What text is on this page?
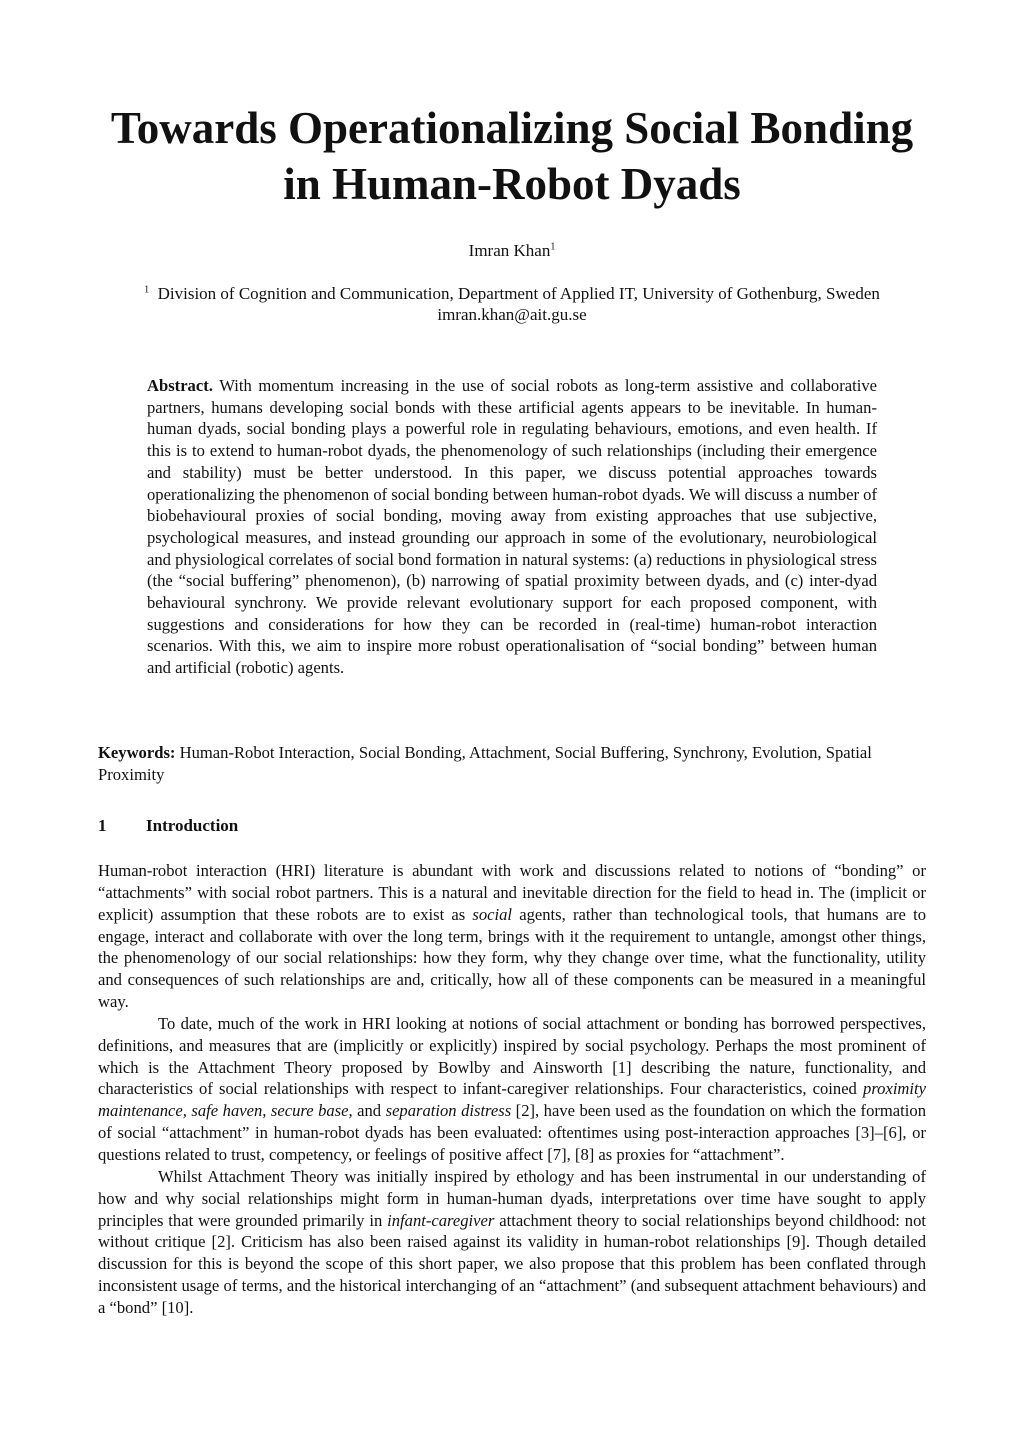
Towards Operationalizing Social Bonding
in Human-Robot Dyads
Imran Khan$^1$
$^1$ Division of Cognition and Communication, Department of Applied IT, University of Gothenburg, Sweden
imran.khan@ait.gu.se

Abstract. With momentum increasing in the use of social robots as long-term assistive and collaborative partners, humans developing social bonds with these artificial agents appears to be inevitable. In human-human dyads, social bonding plays a powerful role in regulating behaviours, emotions, and even health. If this is to extend to human-robot dyads, the phenomenology of such relationships (including their emergence and stability) must be better understood. In this paper, we discuss potential approaches towards operationalizing the phenomenon of social bonding between human-robot dyads. We will discuss a number of biobehavioural proxies of social bonding, moving away from existing approaches that use subjective, psychological measures, and instead grounding our approach in some of the evolutionary, neurobiological and physiological correlates of social bond formation in natural systems: (a) reductions in physiological stress (the “social buffering” phenomenon), (b) narrowing of spatial proximity between dyads, and (c) inter-dyad behavioural synchrony. We provide relevant evolutionary support for each proposed component, with suggestions and considerations for how they can be recorded in (real-time) human-robot interaction scenarios. With this, we aim to inspire more robust operationalisation of “social bonding” between human and artificial (robotic) agents.

Keywords: Human-Robot Interaction, Social Bonding, Attachment, Social Buffering, Synchrony, Evolution, Spatial Proximity

1 Introduction

Human-robot interaction (HRI) literature is abundant with work and discussions related to notions of “bonding” or “attachments” with social robot partners. This is a natural and inevitable direction for the field to head in. The (implicit or explicit) assumption that these robots are to exist as social agents, rather than technological tools, that humans are to engage, interact and collaborate with over the long term, brings with it the requirement to untangle, amongst other things, the phenomenology of our social relationships: how they form, why they change over time, what the functionality, utility and consequences of such relationships are and, critically, how all of these components can be measured in a meaningful way.

To date, much of the work in HRI looking at notions of social attachment or bonding has borrowed perspectives, definitions, and measures that are (implicitly or explicitly) inspired by social psychology. Perhaps the most prominent of which is the Attachment Theory proposed by Bowlby and Ainsworth [1] describing the nature, functionality, and characteristics of social relationships with respect to infant-caregiver relationships. Four characteristics, coined proximity maintenance, safe haven, secure base, and separation distress [2], have been used as the foundation on which the formation of social “attachment” in human-robot dyads has been evaluated: oftentimes using post-interaction approaches [3]–[6], or questions related to trust, competency, or feelings of positive affect [7], [8] as proxies for “attachment”.

Whilst Attachment Theory was initially inspired by ethology and has been instrumental in our understanding of how and why social relationships might form in human-human dyads, interpretations over time have sought to apply principles that were grounded primarily in infant-caregiver attachment theory to social relationships beyond childhood: not without critique [2]. Criticism has also been raised against its validity in human-robot relationships [9]. Though detailed discussion for this is beyond the scope of this short paper, we also propose that this problem has been conflated through inconsistent usage of terms, and the historical interchanging of an “attachment” (and subsequent attachment behaviours) and a “bond” [10].
